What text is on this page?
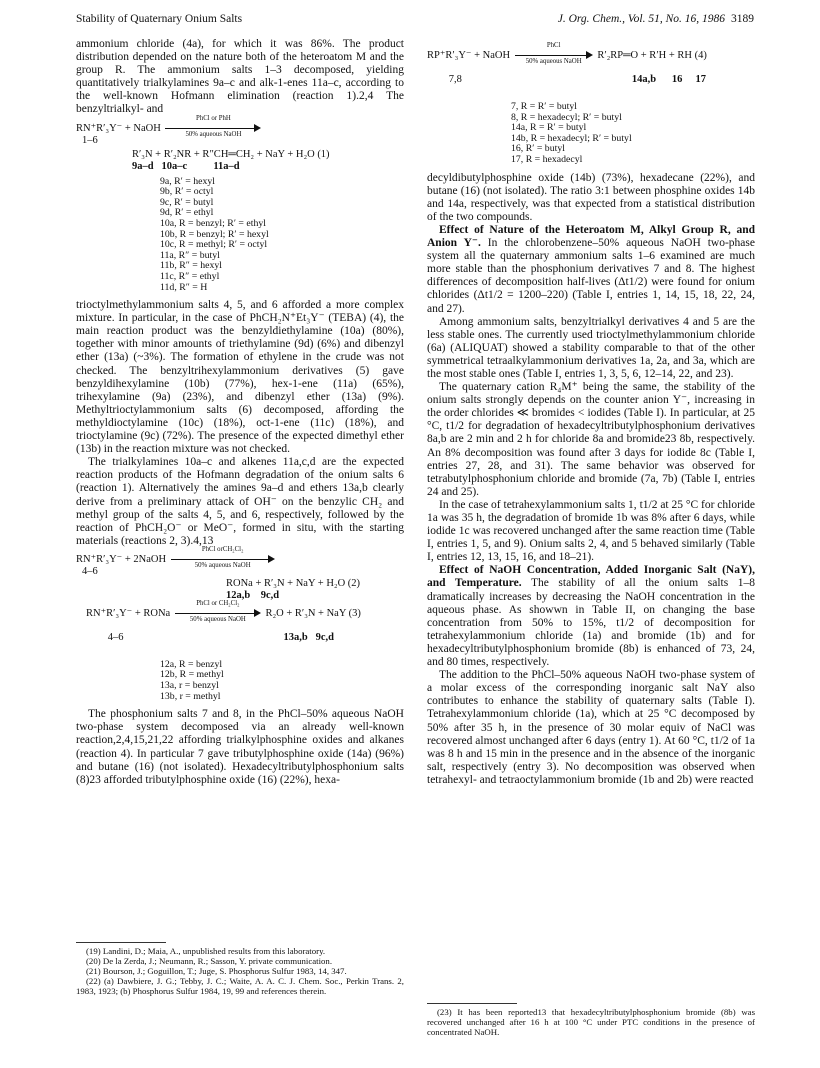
Stability of Quaternary Onium Salts	J. Org. Chem., Vol. 51, No. 16, 1986 3189

ammonium chloride (4a), for which it was 86%. The product distribution depended on the nature both of the heteroatom M and the group R. The ammonium salts 1–3 decomposed, yielding quantitatively trialkylamines 9a–c and alk-1-enes 11a–c, according to the well-known Hofmann elimination (reaction 1).2,4 The benzyltrialkyl- and

RN⁺R′₃Y⁻ + NaOH
PhCl or PhH
50% aqueous NaOH
1–6
R′₃N + R′₂NR + R″CH═CH₂ + NaY + H₂O (1)
9a–d   10a–c          11a–d
9a, R′ = hexyl
9b, R′ = octyl
9c, R′ = butyl
9d, R′ = ethyl
10a, R = benzyl; R′ = ethyl
10b, R = benzyl; R′ = hexyl
10c, R = methyl; R′ = octyl
11a, R″ = butyl
11b, R″ = hexyl
11c, R″ = ethyl
11d, R″ = H

trioctylmethylammonium salts 4, 5, and 6 afforded a more complex mixture. In particular, in the case of PhCH₂N⁺Et₃Y⁻ (TEBA) (4), the main reaction product was the benzyldiethylamine (10a) (80%), together with minor amounts of triethylamine (9d) (6%) and dibenzyl ether (13a) (~3%). The formation of ethylene in the crude was not checked. The benzyltrihexylammonium derivatives (5) gave benzyldihexylamine (10b) (77%), hex-1-ene (11a) (65%), trihexylamine (9a) (23%), and dibenzyl ether (13a) (9%). Methyltrioctylammonium salts (6) decomposed, affording the methyldioctylamine (10c) (18%), oct-1-ene (11c) (18%), and trioctylamine (9c) (72%). The presence of the expected dimethyl ether (13b) in the reaction mixture was not checked.

The trialkylamines 10a–c and alkenes 11a,c,d are the expected reaction products of the Hofmann degradation of the onium salts 6 (reaction 1). Alternatively the amines 9a–d and ethers 13a,b clearly derive from a preliminary attack of OH⁻ on the benzylic CH₂ and methyl group of the salts 4, 5, and 6, respectively, followed by the reaction of PhCH₂O⁻ or MeO⁻, formed in situ, with the starting materials (reactions 2, 3).4,13

RN⁺R′₃Y⁻ + 2NaOH
PhCl orCH₂Cl₂
50% aqueous NaOH
4–6
RONa + R′₃N + NaY + H₂O (2)
12a,b    9c,d
RN⁺R′₃Y⁻ + RONa
PhCl or CH₂Cl₂
50% aqueous NaOH
R₂O + R′₃N + NaY (3)

4–6	13a,b   9c,d

12a, R = benzyl
12b, R = methyl
13a, r = benzyl
13b, r = methyl

The phosphonium salts 7 and 8, in the PhCl–50% aqueous NaOH two-phase system decomposed via an already well-known reaction,2,4,15,21,22 affording trialkylphosphine oxides and alkanes (reaction 4). In particular 7 gave tributylphosphine oxide (14a) (96%) and butane (16) (not isolated). Hexadecyltributylphosphonium salts (8)23 afforded tributylphosphine oxide (16) (22%), hexa-

(19) Landini, D.; Maia, A., unpublished results from this laboratory.

(20) De la Zerda, J.; Neumann, R.; Sasson, Y. private communication.

(21) Bourson, J.; Goguillon, T.; Juge, S. Phosphorus Sulfur 1983, 14, 347.

(22) (a) Dawbiere, J. G.; Tebby, J. C.; Waite, A. A. C. J. Chem. Soc., Perkin Trans. 2, 1983, 1923; (b) Phosphorus Sulfur 1984, 19, 99 and references therein.

RP⁺R′₃Y⁻ + NaOH
PhCl
50% aqueous NaOH
R′₂RP═O + R′H + RH (4)

7,8	14a,b      16     17

7, R = R′ = butyl
8, R = hexadecyl; R′ = butyl
14a, R = R′ = butyl
14b, R = hexadecyl; R′ = butyl
16, R′ = butyl
17, R = hexadecyl

decyldibutylphosphine oxide (14b) (73%), hexadecane (22%), and butane (16) (not isolated). The ratio 3:1 between phosphine oxides 14b and 14a, respectively, was that expected from a statistical distribution of the two compounds.

Effect of Nature of the Heteroatom M, Alkyl Group R, and Anion Y⁻. In the chlorobenzene–50% aqueous NaOH two-phase system all the quaternary ammonium salts 1–6 examined are much more stable than the phosphonium derivatives 7 and 8. The highest differences of decomposition half-lives (Δt1/2) were found for onium chlorides (Δt1/2 = 1200–220) (Table I, entries 1, 14, 15, 18, 22, 24, and 27).

Among ammonium salts, benzyltrialkyl derivatives 4 and 5 are the less stable ones. The currently used trioctylmethylammonium chloride (6a) (ALIQUAT) showed a stability comparable to that of the other symmetrical tetraalkylammonium derivatives 1a, 2a, and 3a, which are the most stable ones (Table I, entries 1, 3, 5, 6, 12–14, 22, and 23).

The quaternary cation R₄M⁺ being the same, the stability of the onium salts strongly depends on the counter anion Y⁻, increasing in the order chlorides ≪ bromides < iodides (Table I). In particular, at 25 °C, t1/2 for degradation of hexadecyltributylphosphonium derivatives 8a,b are 2 min and 2 h for chloride 8a and bromide23 8b, respectively. An 8% decomposition was found after 3 days for iodide 8c (Table I, entries 27, 28, and 31). The same behavior was observed for tetrabutylphosphonium chloride and bromide (7a, 7b) (Table I, entries 24 and 25).

In the case of tetrahexylammonium salts 1, t1/2 at 25 °C for chloride 1a was 35 h, the degradation of bromide 1b was 8% after 6 days, while iodide 1c was recovered unchanged after the same reaction time (Table I, entries 1, 5, and 9). Onium salts 2, 4, and 5 behaved similarly (Table I, entries 12, 13, 15, 16, and 18–21).

Effect of NaOH Concentration, Added Inorganic Salt (NaY), and Temperature. The stability of all the onium salts 1–8 dramatically increases by decreasing the NaOH concentration in the aqueous phase. As showwn in Table II, on changing the base concentration from 50% to 15%, t1/2 of decomposition for tetrahexylammonium chloride (1a) and bromide (1b) and for hexadecyltributylphosphonium bromide (8b) is enhanced of 73, 24, and 80 times, respectively.

The addition to the PhCl–50% aqueous NaOH two-phase system of a molar excess of the corresponding inorganic salt NaY also contributes to enhance the stability of quaternary salts (Table I). Tetrahexylammonium chloride (1a), which at 25 °C decomposed by 50% after 35 h, in the presence of 30 molar equiv of NaCl was recovered almost unchanged after 6 days (entry 1). At 60 °C, t1/2 of 1a was 8 h and 15 min in the presence and in the absence of the inorganic salt, respectively (entry 3). No decomposition was observed when tetrahexyl- and tetraoctylammonium bromide (1b and 2b) were reacted

(23) It has been reported13 that hexadecyltributylphosphonium bromide (8b) was recovered unchanged after 16 h at 100 °C under PTC conditions in the presence of concentrated NaOH.
